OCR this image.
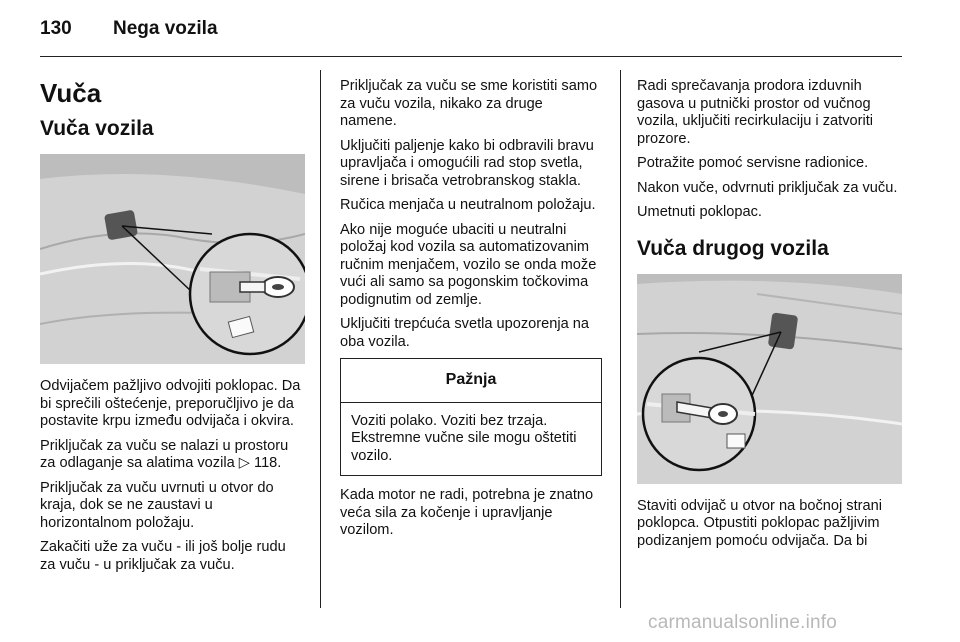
130 Nega vozila
Vuča
Vuča vozila

Odvijačem pažljivo odvojiti poklopac. Da bi sprečili oštećenje, preporučljivo je da postavite krpu između odvijača i okvira.

Priključak za vuču se nalazi u prostoru za odlaganje sa alatima vozila ▷ 118.

Priključak za vuču uvrnuti u otvor do kraja, dok se ne zaustavi u horizontalnom položaju.

Zakačiti uže za vuču - ili još bolje rudu za vuču - u priključak za vuču.

Priključak za vuču se sme koristiti samo za vuču vozila, nikako za druge namene.

Uključiti paljenje kako bi odbravili bravu upravljača i omogućili rad stop svetla, sirene i brisača vetrobranskog stakla.

Ručica menjača u neutralnom položaju.

Ako nije moguće ubaciti u neutralni položaj kod vozila sa automatizovanim ručnim menjačem, vozilo se onda može vući ali samo sa pogonskim točkovima podignutim od zemlje.

Uključiti trepćuća svetla upozorenja na oba vozila.

Pažnja
Voziti polako. Voziti bez trzaja. Ekstremne vučne sile mogu oštetiti vozilo.

Kada motor ne radi, potrebna je znatno veća sila za kočenje i upravljanje vozilom.

Radi sprečavanja prodora izduvnih gasova u putnički prostor od vučnog vozila, uključiti recirkulaciju i zatvoriti prozore.

Potražite pomoć servisne radionice.

Nakon vuče, odvrnuti priključak za vuču.

Umetnuti poklopac.

Vuča drugog vozila

Staviti odvijač u otvor na bočnoj strani poklopca. Otpustiti poklopac pažljivim podizanjem pomoću odvijača. Da bi

carmanualsonline.info
